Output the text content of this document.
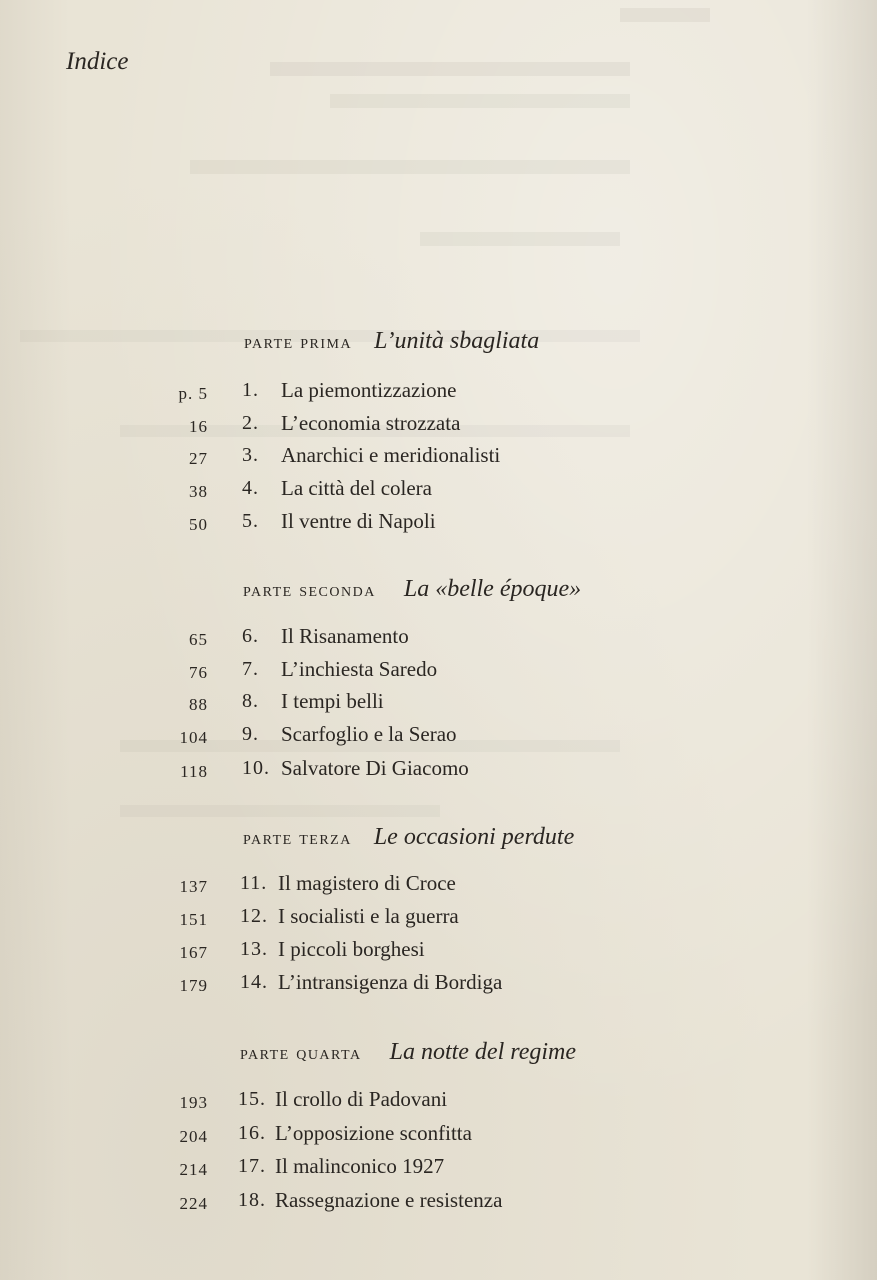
Indice
parte prima L’unità sbagliata
p. 5 1. La piemontizzazione
16 2. L’economia strozzata
27 3. Anarchici e meridionalisti
38 4. La città del colera
50 5. Il ventre di Napoli
parte seconda La «belle époque»
65 6. Il Risanamento
76 7. L’inchiesta Saredo
88 8. I tempi belli
104 9. Scarfoglio e la Serao
118 10. Salvatore Di Giacomo
parte terza Le occasioni perdute
137 11. Il magistero di Croce
151 12. I socialisti e la guerra
167 13. I piccoli borghesi
179 14. L’intransigenza di Bordiga
parte quarta La notte del regime
193 15. Il crollo di Padovani
204 16. L’opposizione sconfitta
214 17. Il malinconico 1927
224 18. Rassegnazione e resistenza
